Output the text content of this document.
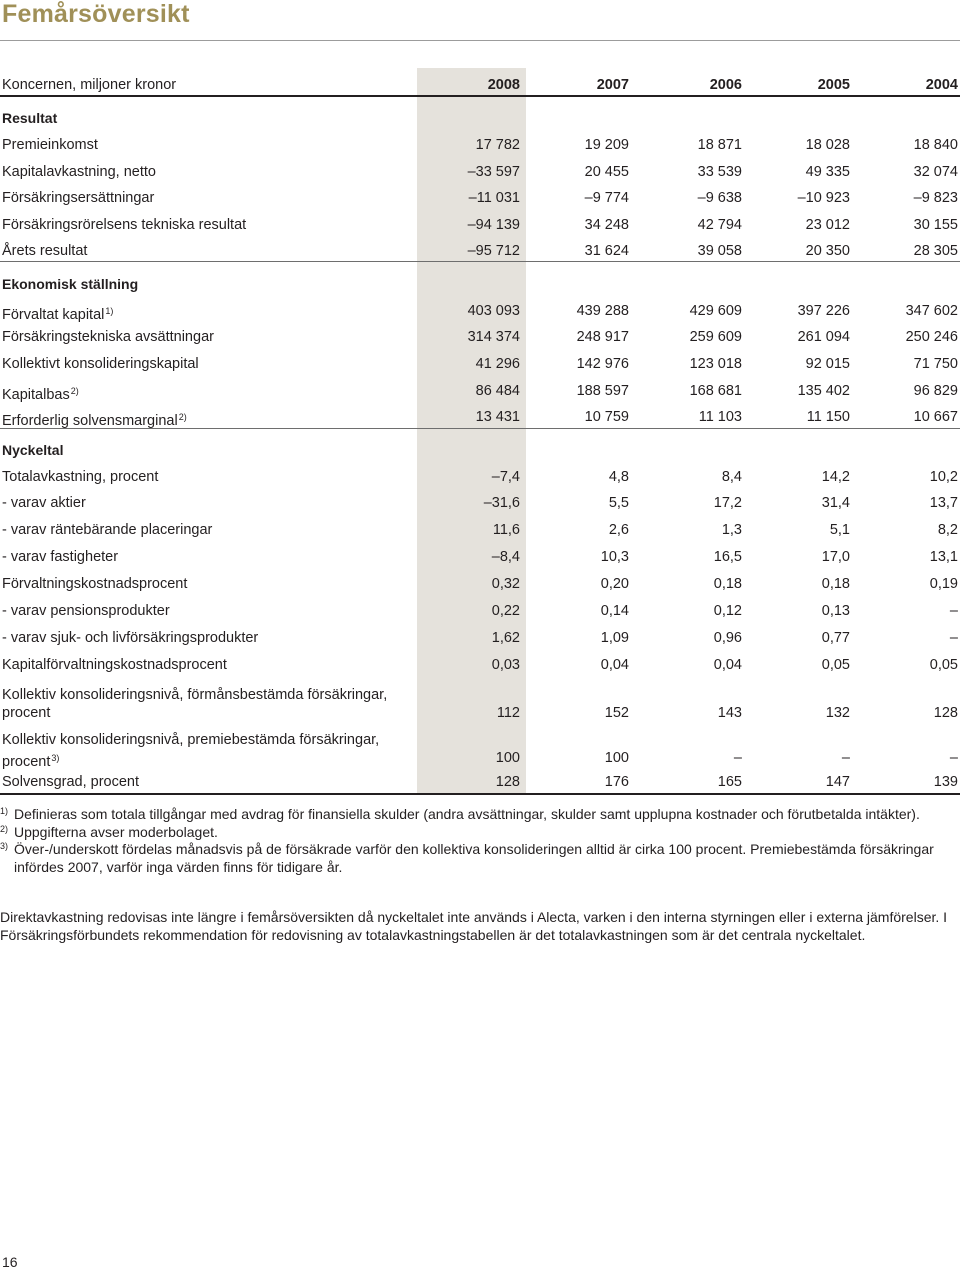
Femårsöversikt
Koncernen, miljoner kronor	2008	2007	2006	2005	2004
Resultat
Premieinkomst	17 782	19 209	18 871	18 028	18 840
Kapitalavkastning, netto	–33 597	20 455	33 539	49 335	32 074
Försäkringsersättningar	–11 031	–9 774	–9 638	–10 923	–9 823
Försäkringsrörelsens tekniska resultat	–94 139	34 248	42 794	23 012	30 155
Årets resultat	–95 712	31 624	39 058	20 350	28 305
Ekonomisk ställning
Förvaltat kapital$^{1)}$	403 093	439 288	429 609	397 226	347 602
Försäkringstekniska avsättningar	314 374	248 917	259 609	261 094	250 246
Kollektivt konsolideringskapital	41 296	142 976	123 018	92 015	71 750
Kapitalbas$^{2)}$	86 484	188 597	168 681	135 402	96 829
Erforderlig solvensmarginal$^{2)}$	13 431	10 759	11 103	11 150	10 667
Nyckeltal
Totalavkastning, procent	–7,4	4,8	8,4	14,2	10,2
- varav aktier	–31,6	5,5	17,2	31,4	13,7
- varav räntebärande placeringar	11,6	2,6	1,3	5,1	8,2
- varav fastigheter	–8,4	10,3	16,5	17,0	13,1
Förvaltningskostnadsprocent	0,32	0,20	0,18	0,18	0,19
- varav pensionsprodukter	0,22	0,14	0,12	0,13	–
- varav sjuk- och livförsäkringsprodukter	1,62	1,09	0,96	0,77	–
Kapitalförvaltningskostnadsprocent	0,03	0,04	0,04	0,05	0,05
Kollektiv konsolideringsnivå, förmånsbestämda försäkringar,
procent	112	152	143	132	128
Kollektiv konsolideringsnivå, premiebestämda försäkringar,
procent$^{3)}$	100	100	–	–	–
Solvensgrad, procent	128	176	165	147	139
1) Definieras som totala tillgångar med avdrag för finansiella skulder (andra avsättningar, skulder samt upplupna kostnader och förutbetalda intäkter).
2) Uppgifterna avser moderbolaget.
3) Över-/underskott fördelas månadsvis på de försäkrade varför den kollektiva konsolideringen alltid är cirka 100 procent. Premiebestämda försäkringar infördes 2007, varför inga värden finns för tidigare år.
Direktavkastning redovisas inte längre i femårsöversikten då nyckeltalet inte används i Alecta, varken i den interna styrningen eller i externa jämförelser. I Försäkringsförbundets rekommendation för redovisning av totalavkastningstabellen är det totalavkastningen som är det centrala nyckeltalet.
16
